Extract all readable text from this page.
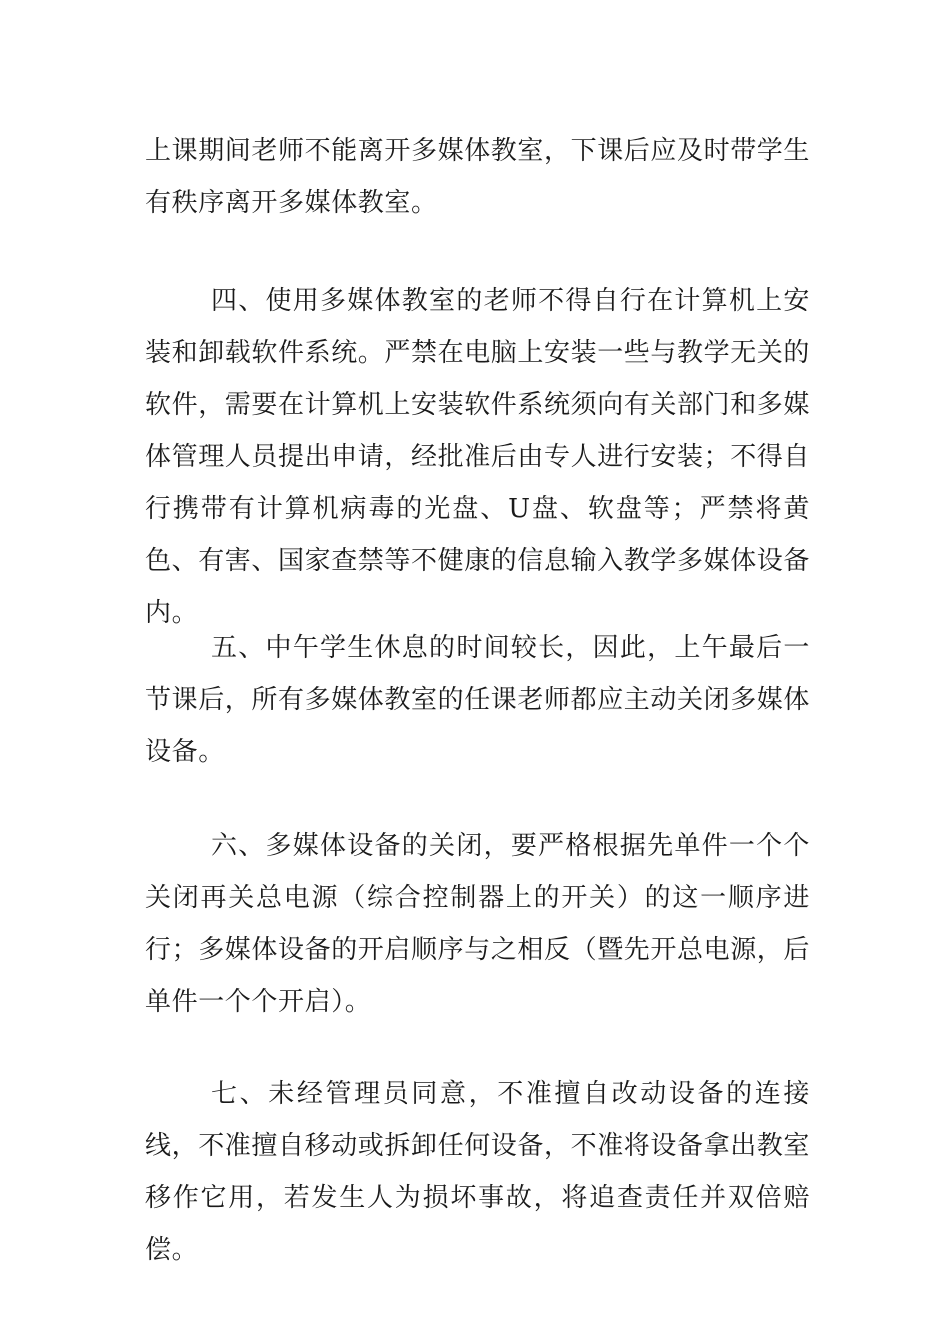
上课期间老师不能离开多媒体教室，下课后应及时带学生有秩序离开多媒体教室。

四、使用多媒体教室的老师不得自行在计算机上安装和卸载软件系统。严禁在电脑上安装一些与教学无关的软件，需要在计算机上安装软件系统须向有关部门和多媒体管理人员提出申请，经批准后由专人进行安装；不得自行携带有计算机病毒的光盘、U盘、软盘等；严禁将黄色、有害、国家查禁等不健康的信息输入教学多媒体设备内。

五、中午学生休息的时间较长，因此，上午最后一节课后，所有多媒体教室的任课老师都应主动关闭多媒体设备。

六、多媒体设备的关闭，要严格根据先单件一个个关闭再关总电源（综合控制器上的开关）的这一顺序进行；多媒体设备的开启顺序与之相反（暨先开总电源，后单件一个个开启）。

七、未经管理员同意，不准擅自改动设备的连接线，不准擅自移动或拆卸任何设备，不准将设备拿出教室移作它用，若发生人为损坏事故，将追查责任并双倍赔偿。
